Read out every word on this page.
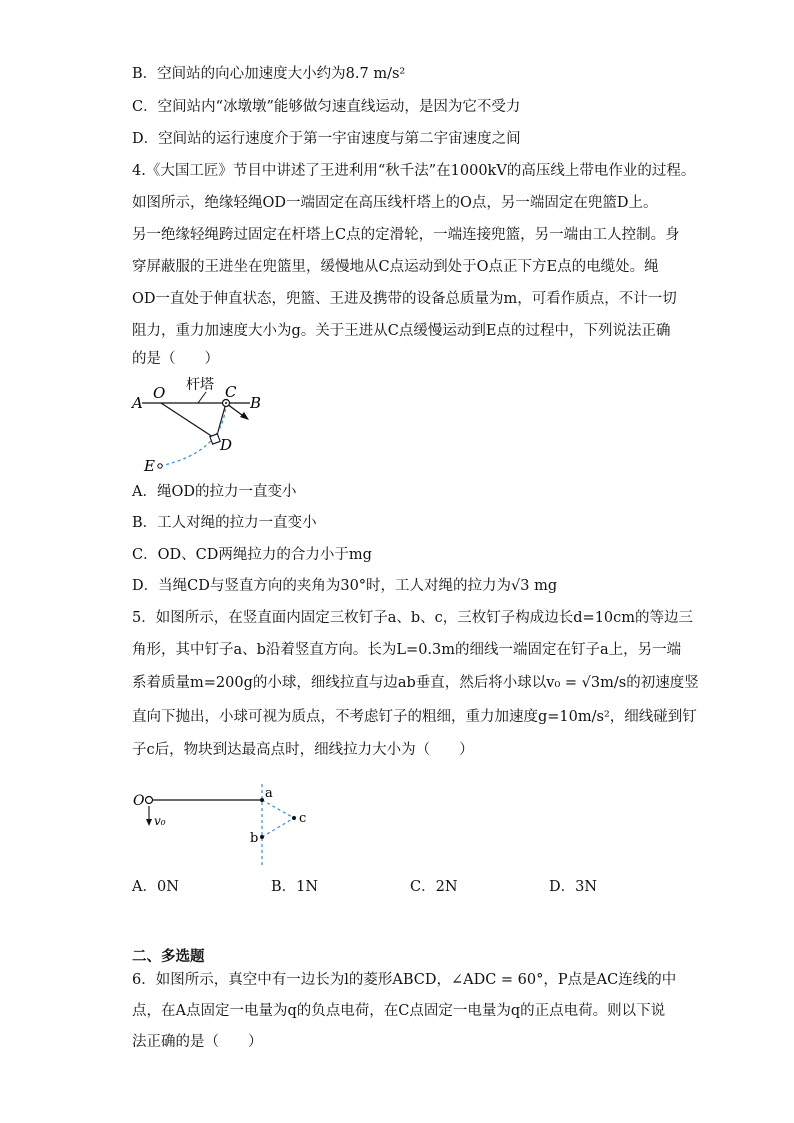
B．空间站的向心加速度大小约为8.7 m/s²
C．空间站内“冰墩墩”能够做匀速直线运动，是因为它不受力
D．空间站的运行速度介于第一宇宙速度与第二宇宙速度之间
4.《大国工匠》节目中讲述了王进利用“秋千法”在1000kV的高压线上带电作业的过程。
如图所示，绝缘轻绳OD一端固定在高压线杆塔上的O点，另一端固定在兜篮D上。
另一绝缘轻绳跨过固定在杆塔上C点的定滑轮，一端连接兜篮，另一端由工人控制。身
穿屏蔽服的王进坐在兜篮里，缓慢地从C点运动到处于O点正下方E点的电缆处。绳
OD一直处于伸直状态，兜篮、王进及携带的设备总质量为m，可看作质点，不计一切
阻力，重力加速度大小为g。关于王进从C点缓慢运动到E点的过程中，下列说法正确
的是（　　）
A
O 杆塔 C
B
D
E
A．绳OD的拉力一直变小
B．工人对绳的拉力一直变小
C．OD、CD两绳拉力的合力小于mg
D．当绳CD与竖直方向的夹角为30°时，工人对绳的拉力为√3 mg
5．如图所示，在竖直面内固定三枚钉子a、b、c，三枚钉子构成边长d=10cm的等边三
角形，其中钉子a、b沿着竖直方向。长为L=0.3m的细线一端固定在钉子a上，另一端
系着质量m=200g的小球，细线拉直与边ab垂直，然后将小球以v₀ = √3m/s的初速度竖
直向下抛出，小球可视为质点，不考虑钉子的粗细，重力加速度g=10m/s²，细线碰到钉
子c后，物块到达最高点时，细线拉力大小为（　　）
O
v₀
a
b
c
A．0N	B．1N	C．2N	D．3N
二、多选题
6．如图所示，真空中有一边长为l的菱形ABCD，∠ADC = 60°，P点是AC连线的中
点，在A点固定一电量为q的负点电荷，在C点固定一电量为q的正点电荷。则以下说
法正确的是（　　）
